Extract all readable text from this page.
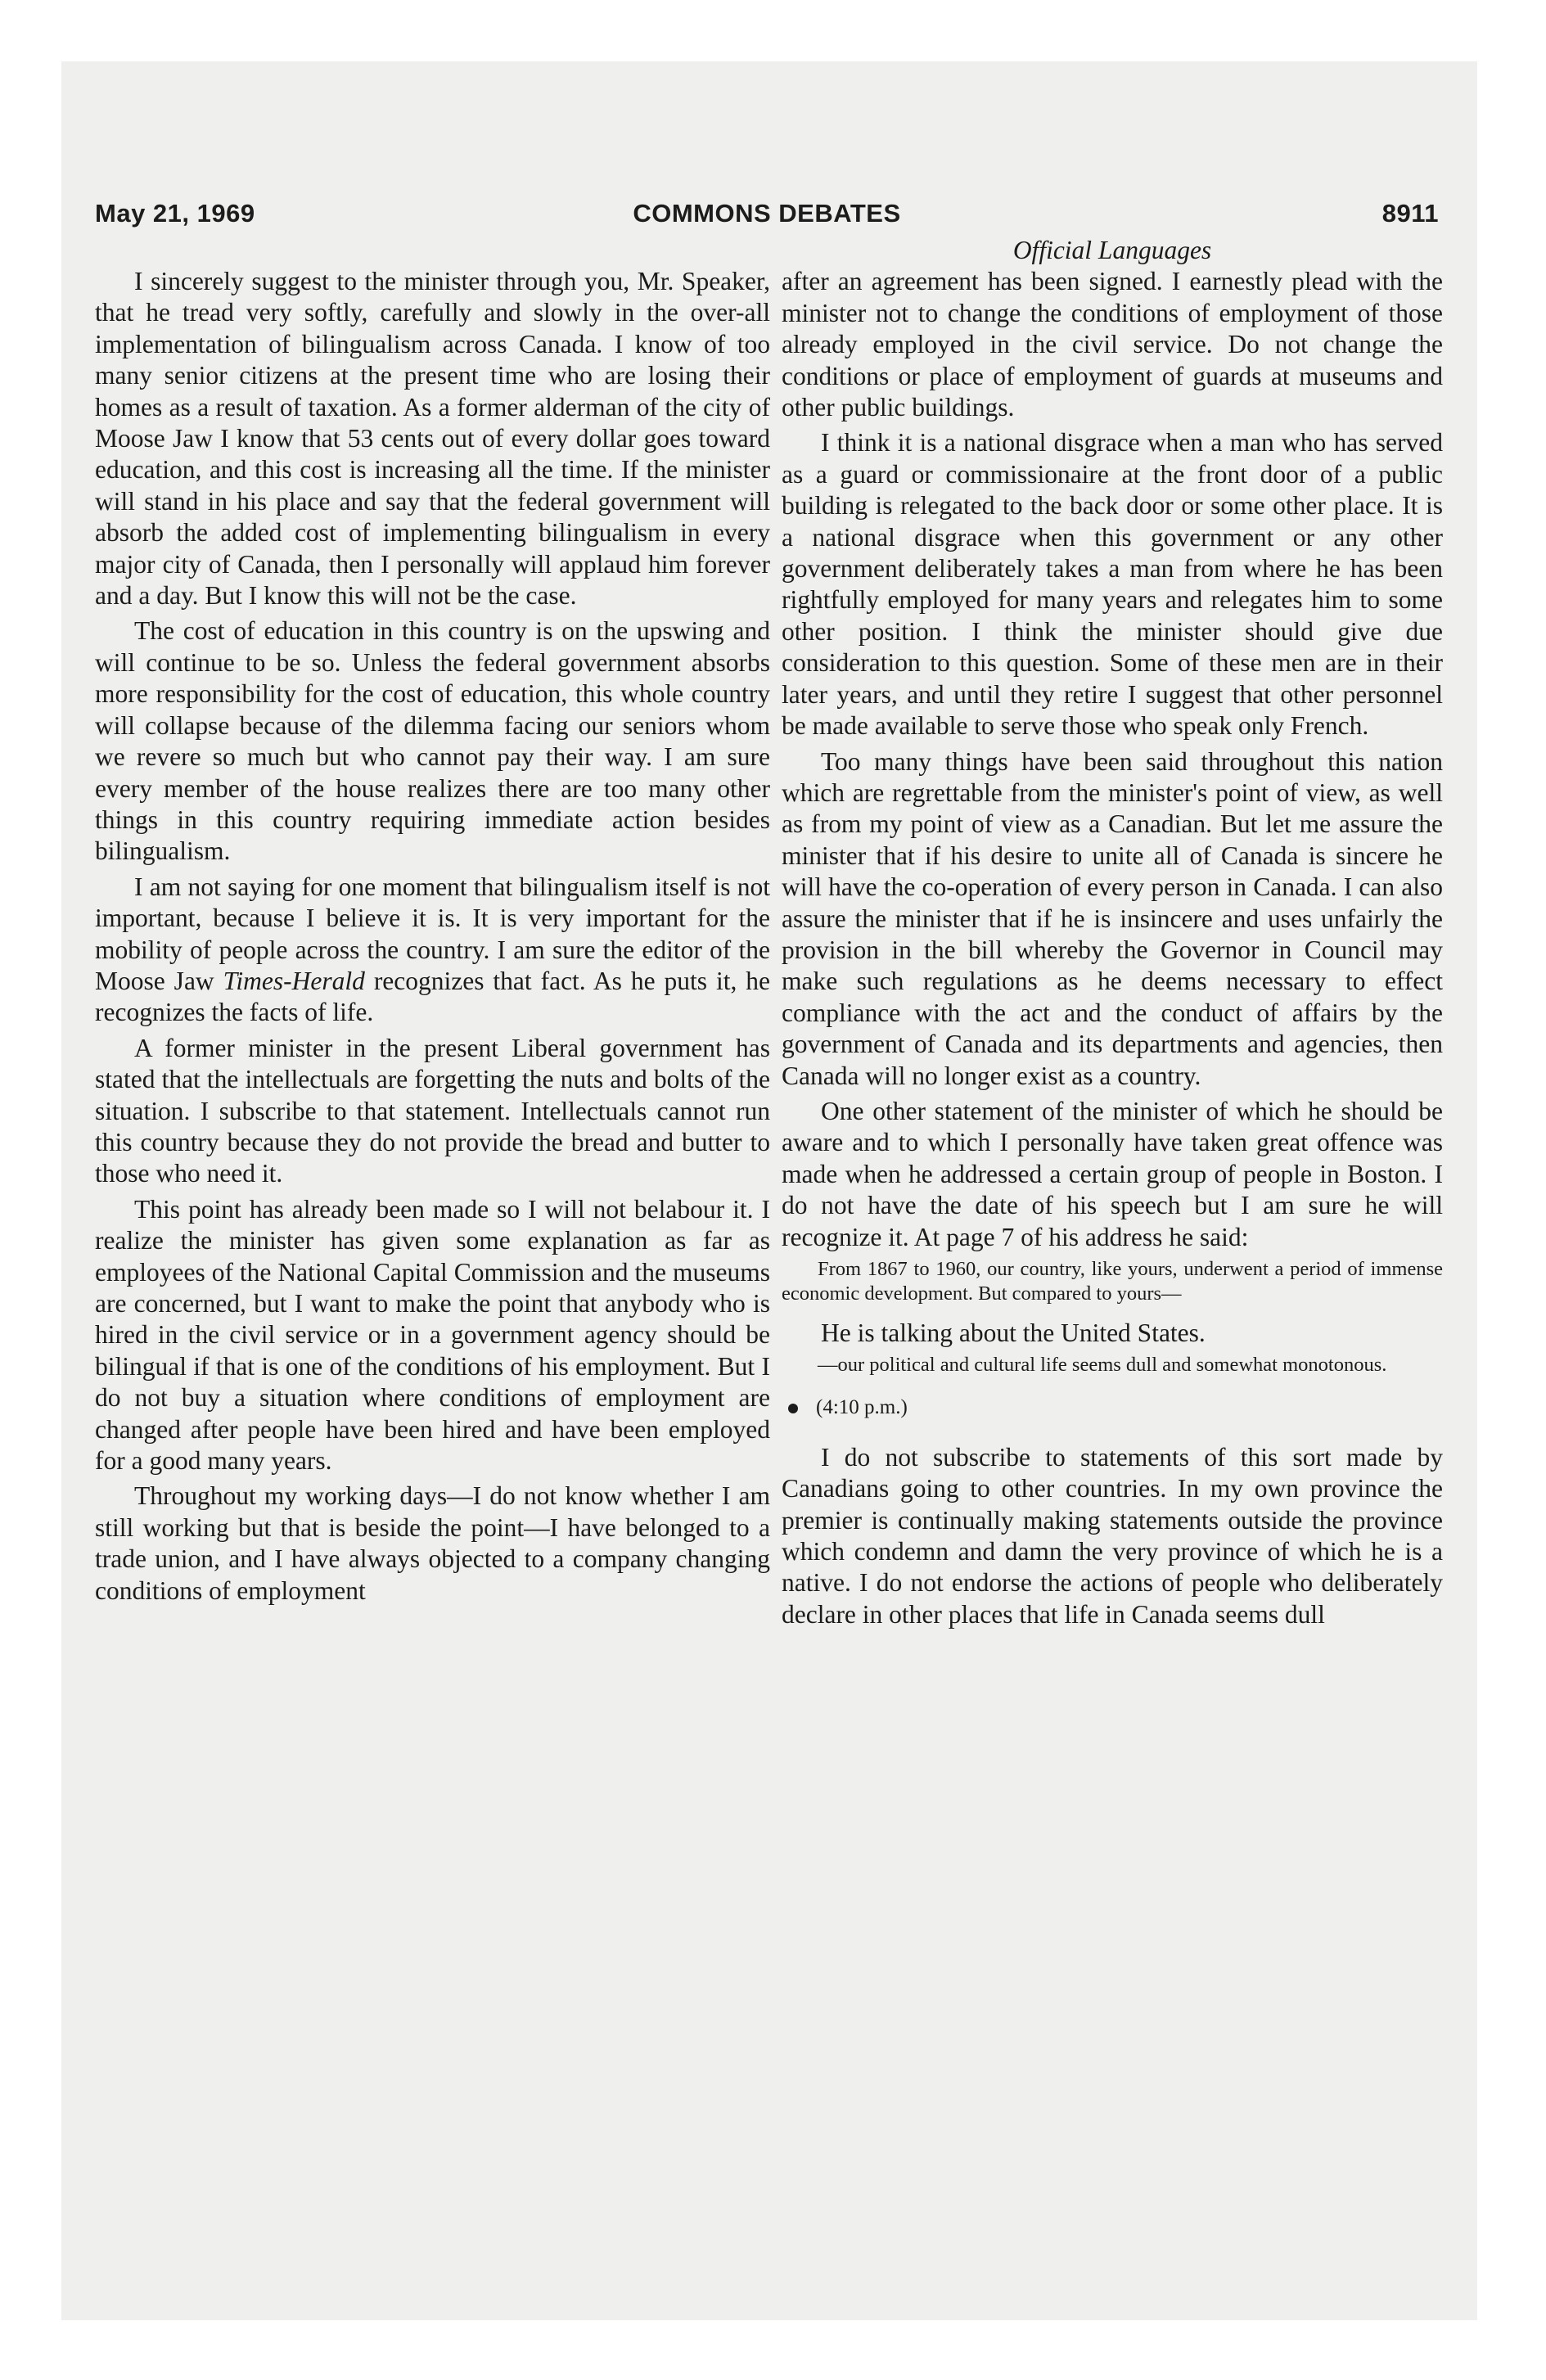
May 21, 1969	COMMONS DEBATES	8911

I sincerely suggest to the minister through you, Mr. Speaker, that he tread very softly, carefully and slowly in the over-all implementation of bilingualism across Canada. I know of too many senior citizens at the present time who are losing their homes as a result of taxation. As a former alderman of the city of Moose Jaw I know that 53 cents out of every dollar goes toward education, and this cost is increasing all the time. If the minister will stand in his place and say that the federal government will absorb the added cost of implementing bilingualism in every major city of Canada, then I personally will applaud him forever and a day. But I know this will not be the case.

The cost of education in this country is on the upswing and will continue to be so. Unless the federal government absorbs more responsibility for the cost of education, this whole country will collapse because of the dilemma facing our seniors whom we revere so much but who cannot pay their way. I am sure every member of the house realizes there are too many other things in this country requiring immediate action besides bilingualism.

I am not saying for one moment that bilingualism itself is not important, because I believe it is. It is very important for the mobility of people across the country. I am sure the editor of the Moose Jaw Times-Herald recognizes that fact. As he puts it, he recognizes the facts of life.

A former minister in the present Liberal government has stated that the intellectuals are forgetting the nuts and bolts of the situation. I subscribe to that statement. Intellectuals cannot run this country because they do not provide the bread and butter to those who need it.

This point has already been made so I will not belabour it. I realize the minister has given some explanation as far as employees of the National Capital Commission and the museums are concerned, but I want to make the point that anybody who is hired in the civil service or in a government agency should be bilingual if that is one of the conditions of his employment. But I do not buy a situation where conditions of employment are changed after people have been hired and have been employed for a good many years.

Throughout my working days—I do not know whether I am still working but that is beside the point—I have belonged to a trade union, and I have always objected to a company changing conditions of employment

Official Languages

after an agreement has been signed. I earnestly plead with the minister not to change the conditions of employment of those already employed in the civil service. Do not change the conditions or place of employment of guards at museums and other public buildings.

I think it is a national disgrace when a man who has served as a guard or commissionaire at the front door of a public building is relegated to the back door or some other place. It is a national disgrace when this government or any other government deliberately takes a man from where he has been rightfully employed for many years and relegates him to some other position. I think the minister should give due consideration to this question. Some of these men are in their later years, and until they retire I suggest that other personnel be made available to serve those who speak only French.

Too many things have been said throughout this nation which are regrettable from the minister's point of view, as well as from my point of view as a Canadian. But let me assure the minister that if his desire to unite all of Canada is sincere he will have the co-operation of every person in Canada. I can also assure the minister that if he is insincere and uses unfairly the provision in the bill whereby the Governor in Council may make such regulations as he deems necessary to effect compliance with the act and the conduct of affairs by the government of Canada and its departments and agencies, then Canada will no longer exist as a country.

One other statement of the minister of which he should be aware and to which I personally have taken great offence was made when he addressed a certain group of people in Boston. I do not have the date of his speech but I am sure he will recognize it. At page 7 of his address he said:

From 1867 to 1960, our country, like yours, underwent a period of immense economic development. But compared to yours—

He is talking about the United States.

—our political and cultural life seems dull and somewhat monotonous.
(4:10 p.m.)

I do not subscribe to statements of this sort made by Canadians going to other countries. In my own province the premier is continually making statements outside the province which condemn and damn the very province of which he is a native. I do not endorse the actions of people who deliberately declare in other places that life in Canada seems dull
